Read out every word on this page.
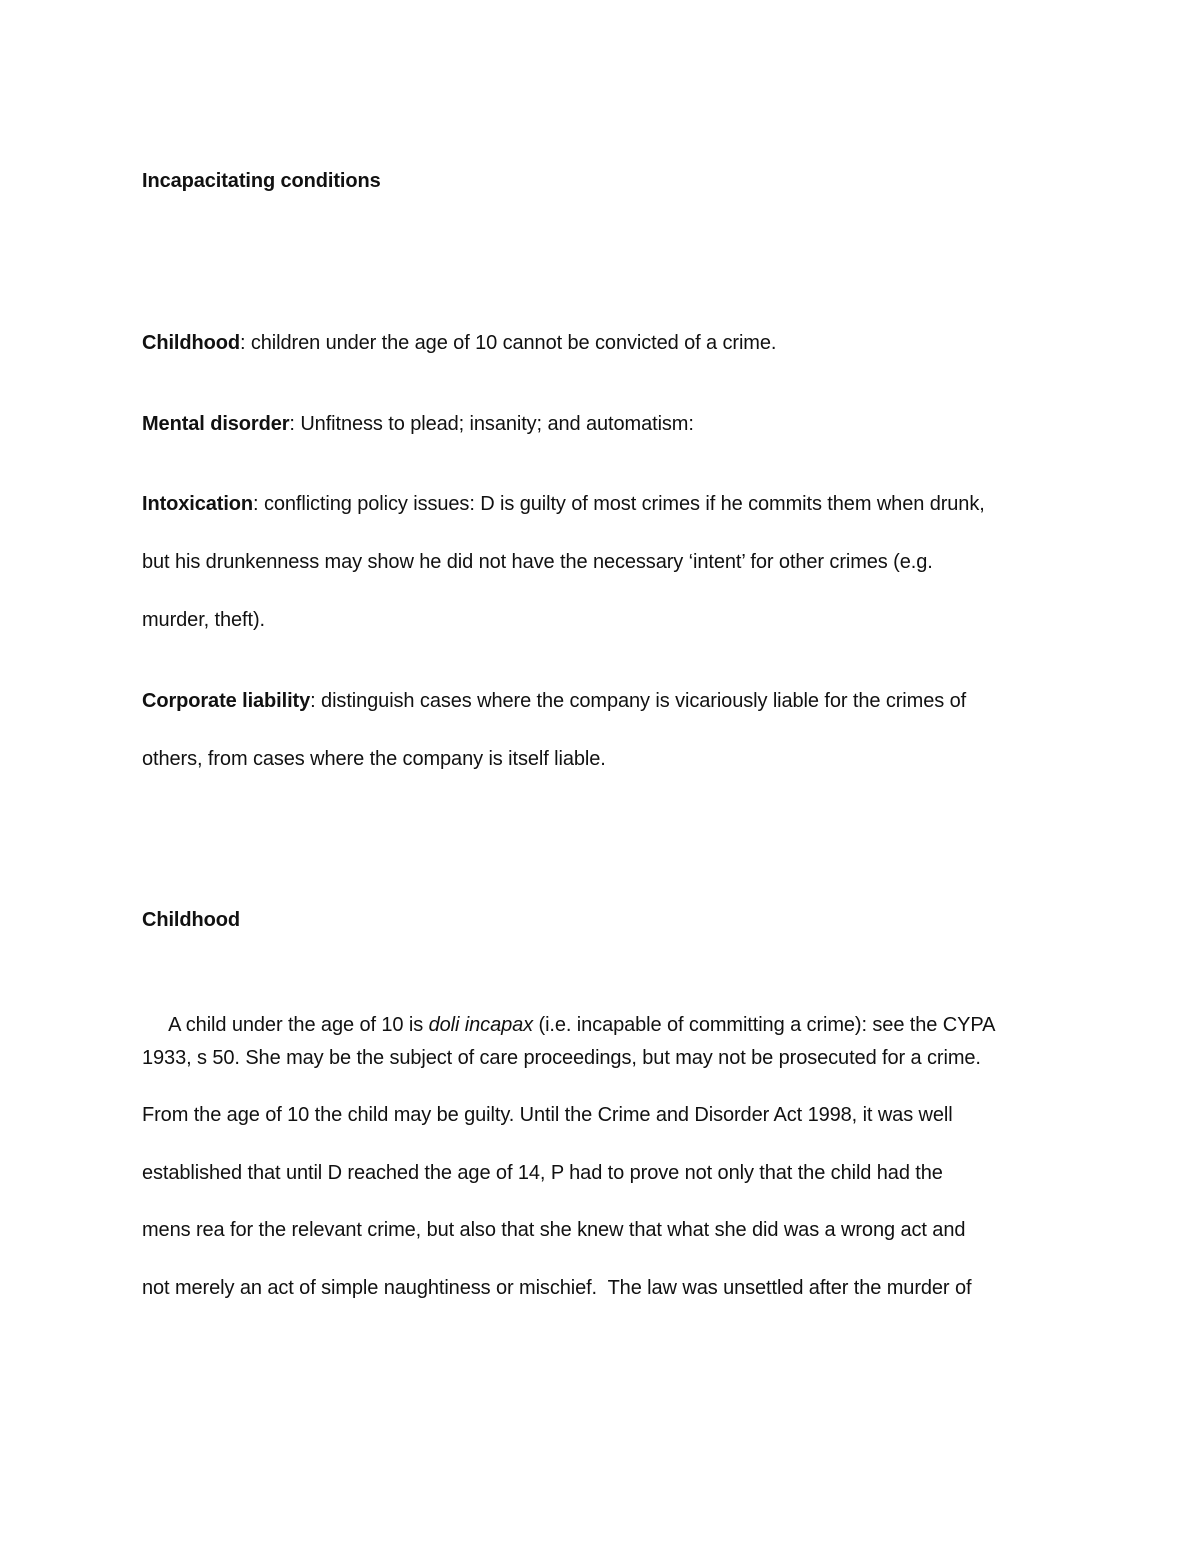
Incapacitating conditions
Childhood: children under the age of 10 cannot be convicted of a crime.
Mental disorder: Unfitness to plead; insanity; and automatism:
Intoxication: conflicting policy issues: D is guilty of most crimes if he commits them when drunk,
but his drunkenness may show he did not have the necessary ‘intent’ for other crimes (e.g.
murder, theft).
Corporate liability: distinguish cases where the company is vicariously liable for the crimes of
others, from cases where the company is itself liable.
Childhood

A child under the age of 10 is doli incapax (i.e. incapable of committing a crime): see the CYPA

1933, s 50. She may be the subject of care proceedings, but may not be prosecuted for a crime.
From the age of 10 the child may be guilty. Until the Crime and Disorder Act 1998, it was well
established that until D reached the age of 14, P had to prove not only that the child had the
mens rea for the relevant crime, but also that she knew that what she did was a wrong act and
not merely an act of simple naughtiness or mischief.  The law was unsettled after the murder of
